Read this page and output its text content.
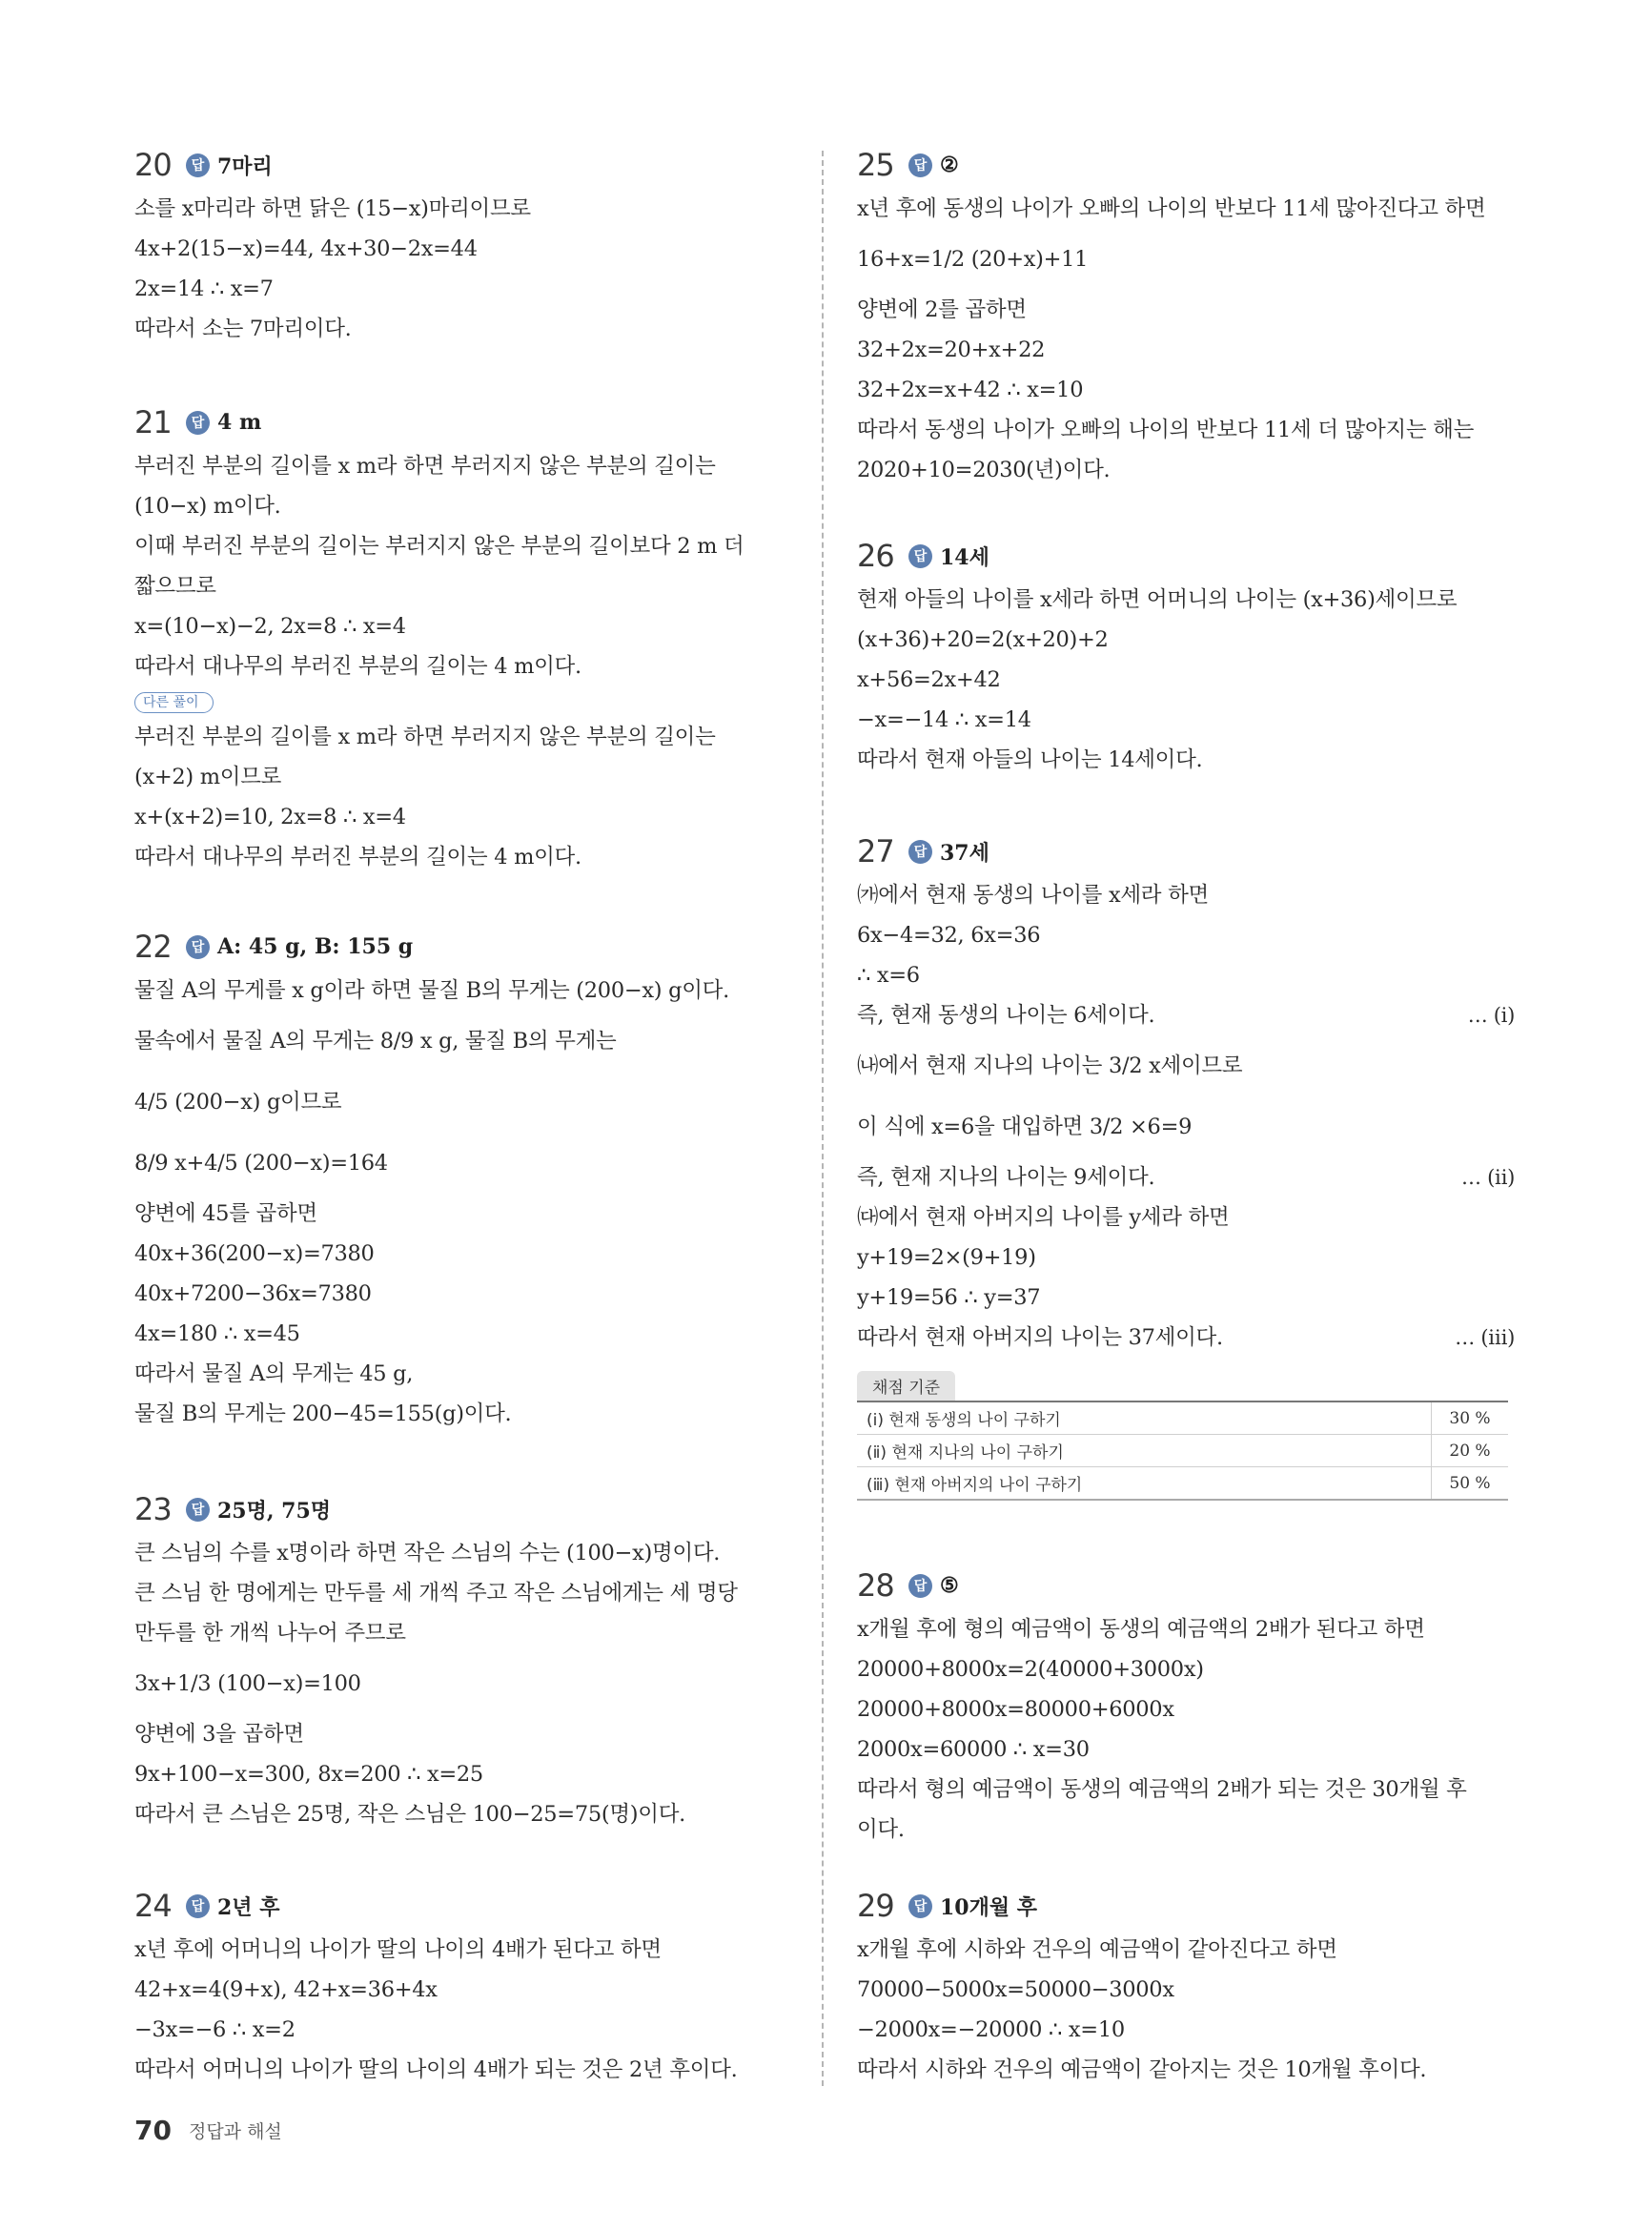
20	답 7마리
소를 x마리라 하면 닭은 (15−x)마리이므로
4x+2(15−x)=44, 4x+30−2x=44
2x=14 ∴ x=7
따라서 소는 7마리이다.
21	답 4 m
부러진 부분의 길이를 x m라 하면 부러지지 않은 부분의 길이는
(10−x) m이다.
이때 부러진 부분의 길이는 부러지지 않은 부분의 길이보다 2 m 더
짧으므로
x=(10−x)−2, 2x=8 ∴ x=4
따라서 대나무의 부러진 부분의 길이는 4 m이다.
다른 풀이
부러진 부분의 길이를 x m라 하면 부러지지 않은 부분의 길이는
(x+2) m이므로
x+(x+2)=10, 2x=8 ∴ x=4
따라서 대나무의 부러진 부분의 길이는 4 m이다.
22	답 A: 45 g, B: 155 g
물질 A의 무게를 x g이라 하면 물질 B의 무게는 (200−x) g이다.
물속에서 물질 A의 무게는 8/9 x g, 물질 B의 무게는
4/5 (200−x) g이므로
8/9 x+4/5 (200−x)=164
양변에 45를 곱하면
40x+36(200−x)=7380
40x+7200−36x=7380
4x=180 ∴ x=45
따라서 물질 A의 무게는 45 g,
물질 B의 무게는 200−45=155(g)이다.
23	답 25명, 75명
큰 스님의 수를 x명이라 하면 작은 스님의 수는 (100−x)명이다.
큰 스님 한 명에게는 만두를 세 개씩 주고 작은 스님에게는 세 명당
만두를 한 개씩 나누어 주므로
3x+1/3 (100−x)=100
양변에 3을 곱하면
9x+100−x=300, 8x=200 ∴ x=25
따라서 큰 스님은 25명, 작은 스님은 100−25=75(명)이다.
24	답 2년 후
x년 후에 어머니의 나이가 딸의 나이의 4배가 된다고 하면
42+x=4(9+x), 42+x=36+4x
−3x=−6 ∴ x=2
따라서 어머니의 나이가 딸의 나이의 4배가 되는 것은 2년 후이다.
25	답 ②
x년 후에 동생의 나이가 오빠의 나이의 반보다 11세 많아진다고 하면
16+x=1/2 (20+x)+11
양변에 2를 곱하면
32+2x=20+x+22
32+2x=x+42 ∴ x=10
따라서 동생의 나이가 오빠의 나이의 반보다 11세 더 많아지는 해는
2020+10=2030(년)이다.
26	답 14세
현재 아들의 나이를 x세라 하면 어머니의 나이는 (x+36)세이므로
(x+36)+20=2(x+20)+2
x+56=2x+42
−x=−14 ∴ x=14
따라서 현재 아들의 나이는 14세이다.
27	답 37세
㈎에서 현재 동생의 나이를 x세라 하면
6x−4=32, 6x=36
∴ x=6
즉, 현재 동생의 나이는 6세이다.	… (ⅰ)
㈏에서 현재 지나의 나이는 3/2 x세이므로
이 식에 x=6을 대입하면 3/2 ×6=9
즉, 현재 지나의 나이는 9세이다.	… (ⅱ)
㈐에서 현재 아버지의 나이를 y세라 하면
y+19=2×(9+19)
y+19=56 ∴ y=37
따라서 현재 아버지의 나이는 37세이다.	… (ⅲ)
채점 기준
(ⅰ) 현재 동생의 나이 구하기	30 %
(ⅱ) 현재 지나의 나이 구하기	20 %
(ⅲ) 현재 아버지의 나이 구하기	50 %
28	답 ⑤
x개월 후에 형의 예금액이 동생의 예금액의 2배가 된다고 하면
20000+8000x=2(40000+3000x)
20000+8000x=80000+6000x
2000x=60000 ∴ x=30
따라서 형의 예금액이 동생의 예금액의 2배가 되는 것은 30개월 후
이다.
29	답 10개월 후
x개월 후에 시하와 건우의 예금액이 같아진다고 하면
70000−5000x=50000−3000x
−2000x=−20000 ∴ x=10
따라서 시하와 건우의 예금액이 같아지는 것은 10개월 후이다.
70 정답과 해설
